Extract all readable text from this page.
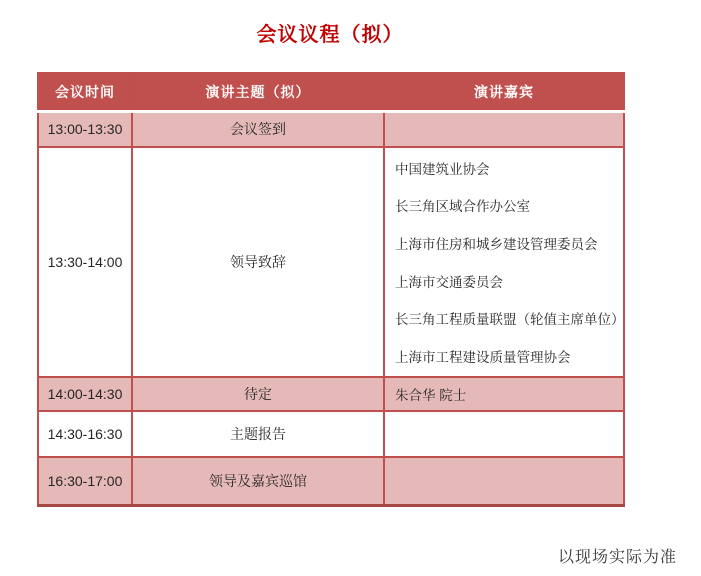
会议议程（拟）
会议时间	演讲主题（拟）	演讲嘉宾
13:00-13:30	会议签到	
13:30-14:00	领导致辞	
中国建筑业协会
长三角区域合作办公室
上海市住房和城乡建设管理委员会
上海市交通委员会
长三角工程质量联盟（轮值主席单位）
上海市工程建设质量管理协会

14:00-14:30	待定	朱合华 院士

14:30-16:30	主题报告	
16:30-17:00	领导及嘉宾巡馆	
以现场实际为准
